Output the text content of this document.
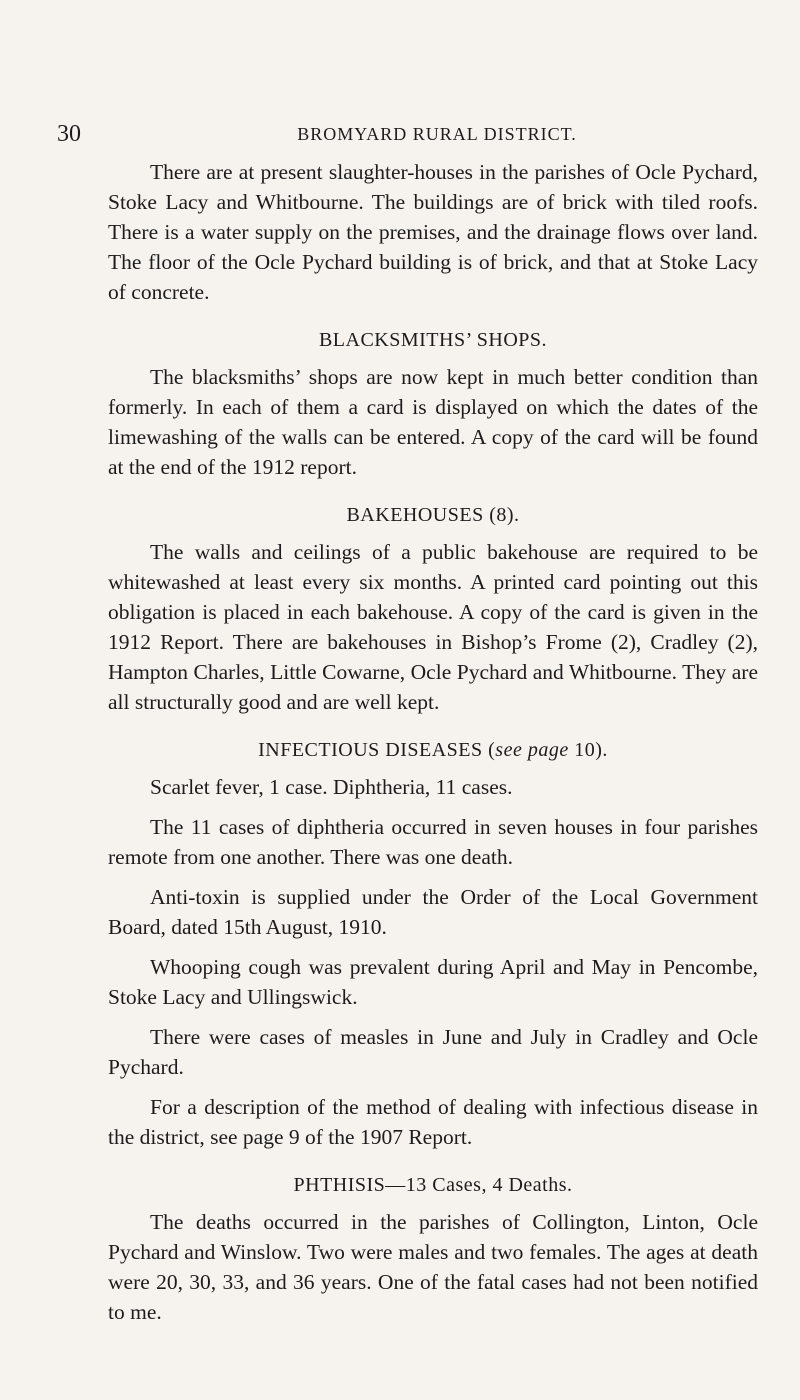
30	BROMYARD RURAL DISTRICT.

There are at present slaughter-houses in the parishes of Ocle Pychard, Stoke Lacy and Whitbourne. The buildings are of brick with tiled roofs. There is a water supply on the premises, and the drainage flows over land. The floor of the Ocle Pychard building is of brick, and that at Stoke Lacy of concrete.

BLACKSMITHS’ SHOPS.

The blacksmiths’ shops are now kept in much better condition than formerly. In each of them a card is displayed on which the dates of the limewashing of the walls can be entered. A copy of the card will be found at the end of the 1912 report.

BAKEHOUSES (8).

The walls and ceilings of a public bakehouse are required to be whitewashed at least every six months. A printed card pointing out this obligation is placed in each bakehouse. A copy of the card is given in the 1912 Report. There are bakehouses in Bishop’s Frome (2), Cradley (2), Hampton Charles, Little Cowarne, Ocle Pychard and Whitbourne. They are all structurally good and are well kept.

INFECTIOUS DISEASES (see page 10).

Scarlet fever, 1 case. Diphtheria, 11 cases.

The 11 cases of diphtheria occurred in seven houses in four parishes remote from one another. There was one death.

Anti-toxin is supplied under the Order of the Local Government Board, dated 15th August, 1910.

Whooping cough was prevalent during April and May in Pencombe, Stoke Lacy and Ullingswick.

There were cases of measles in June and July in Cradley and Ocle Pychard.

For a description of the method of dealing with infectious disease in the district, see page 9 of the 1907 Report.

PHTHISIS—13 Cases, 4 Deaths.

The deaths occurred in the parishes of Collington, Linton, Ocle Pychard and Winslow. Two were males and two females. The ages at death were 20, 30, 33, and 36 years. One of the fatal cases had not been notified to me.
